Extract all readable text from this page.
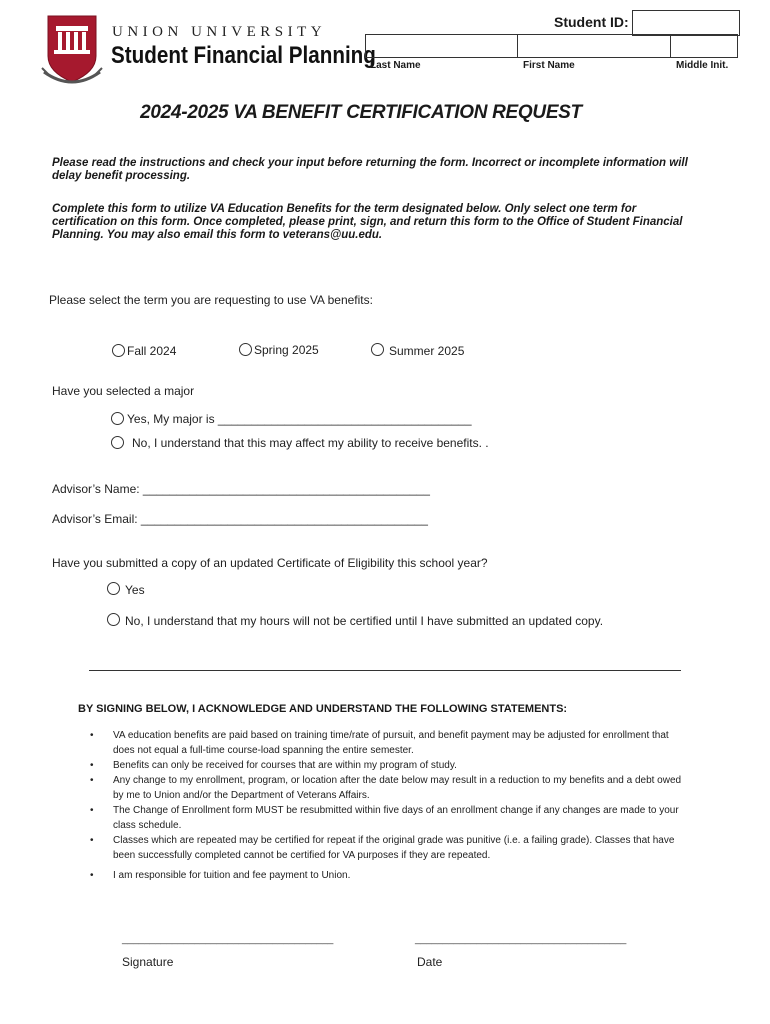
UNION UNIVERSITY
Student Financial Planning
Student ID:
Last Name	First Name	Middle Init.
2024-2025 VA BENEFIT CERTIFICATION REQUEST
Please read the instructions and check your input before returning the form. Incorrect or incomplete information will delay benefit processing.
Complete this form to utilize VA Education Benefits for the term designated below. Only select one term for certification on this form. Once completed, please print, sign, and return this form to the Office of Student Financial Planning. You may also email this form to veterans@uu.edu.
Please select the term you are requesting to use VA benefits:
Fall 2024	Spring 2025	Summer 2025
Have you selected a major
Yes, My major is ______________________________________
No, I understand that this may affect my ability to receive benefits. .
Advisor’s Name: ___________________________________________
Advisor’s Email: ___________________________________________
Have you submitted a copy of an updated Certificate of Eligibility this school year?
Yes
No, I understand that my hours will not be certified until I have submitted an updated copy.
BY SIGNING BELOW, I ACKNOWLEDGE AND UNDERSTAND THE FOLLOWING STATEMENTS:
• VA education benefits are paid based on training time/rate of pursuit, and benefit payment may be adjusted for enrollment that does not equal a full-time course-load spanning the entire semester.
• Benefits can only be received for courses that are within my program of study.
• Any change to my enrollment, program, or location after the date below may result in a reduction to my benefits and a debt owed by me to Union and/or the Department of Veterans Affairs.
• The Change of Enrollment form MUST be resubmitted within five days of an enrollment change if any changes are made to your class schedule.
• Classes which are repeated may be certified for repeat if the original grade was punitive (i.e. a failing grade). Classes that have been successfully completed cannot be certified for VA purposes if they are repeated.
• I am responsible for tuition and fee payment to Union.
______________________________________
Signature
______________________________________
Date
